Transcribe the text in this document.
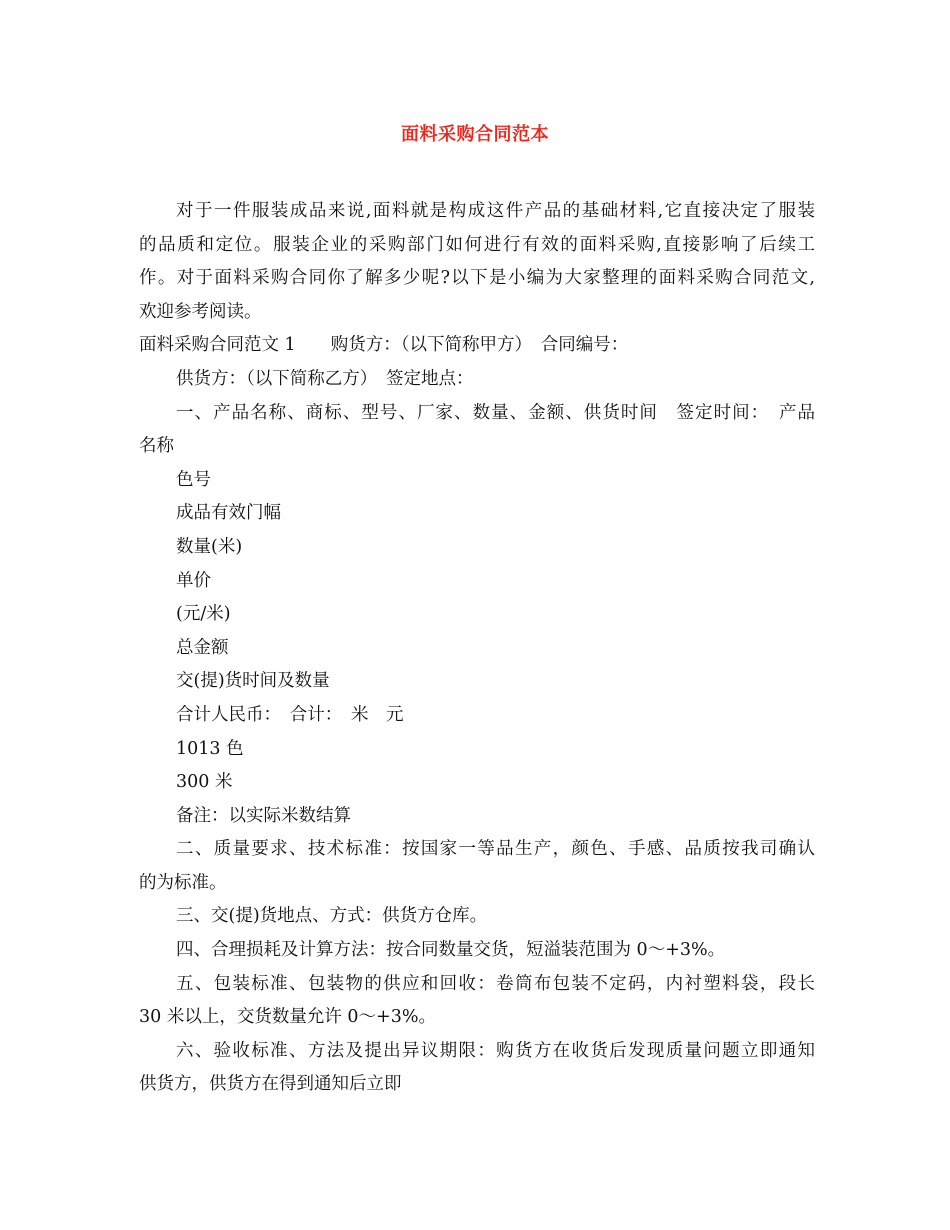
面料采购合同范本
对于一件服装成品来说,面料就是构成这件产品的基础材料,它直接决定了服装
的品质和定位。服装企业的采购部门如何进行有效的面料采购,直接影响了后续工
作。对于面料采购合同你了解多少呢?以下是小编为大家整理的面料采购合同范文,
欢迎参考阅读。
面料采购合同范文 1　　购货方：（以下简称甲方）　合同编号：
供货方：（以下简称乙方）　签定地点：
一、产品名称、商标、型号、厂家、数量、金额、供货时间　签定时间：　产品
名称
色号
成品有效门幅
数量(米)
单价
(元/米)
总金额
交(提)货时间及数量
合计人民币：　合计：　米　元
1013 色
300 米
备注：以实际米数结算
二、质量要求、技术标准：按国家一等品生产，颜色、手感、品质按我司确认
的为标准。
三、交(提)货地点、方式：供货方仓库。
四、合理损耗及计算方法：按合同数量交货，短溢装范围为 0～+3%。
五、包装标准、包装物的供应和回收：卷筒布包装不定码，内衬塑料袋，段长
30 米以上，交货数量允许 0～+3%。
六、验收标准、方法及提出异议期限：购货方在收货后发现质量问题立即通知
供货方，供货方在得到通知后立即
